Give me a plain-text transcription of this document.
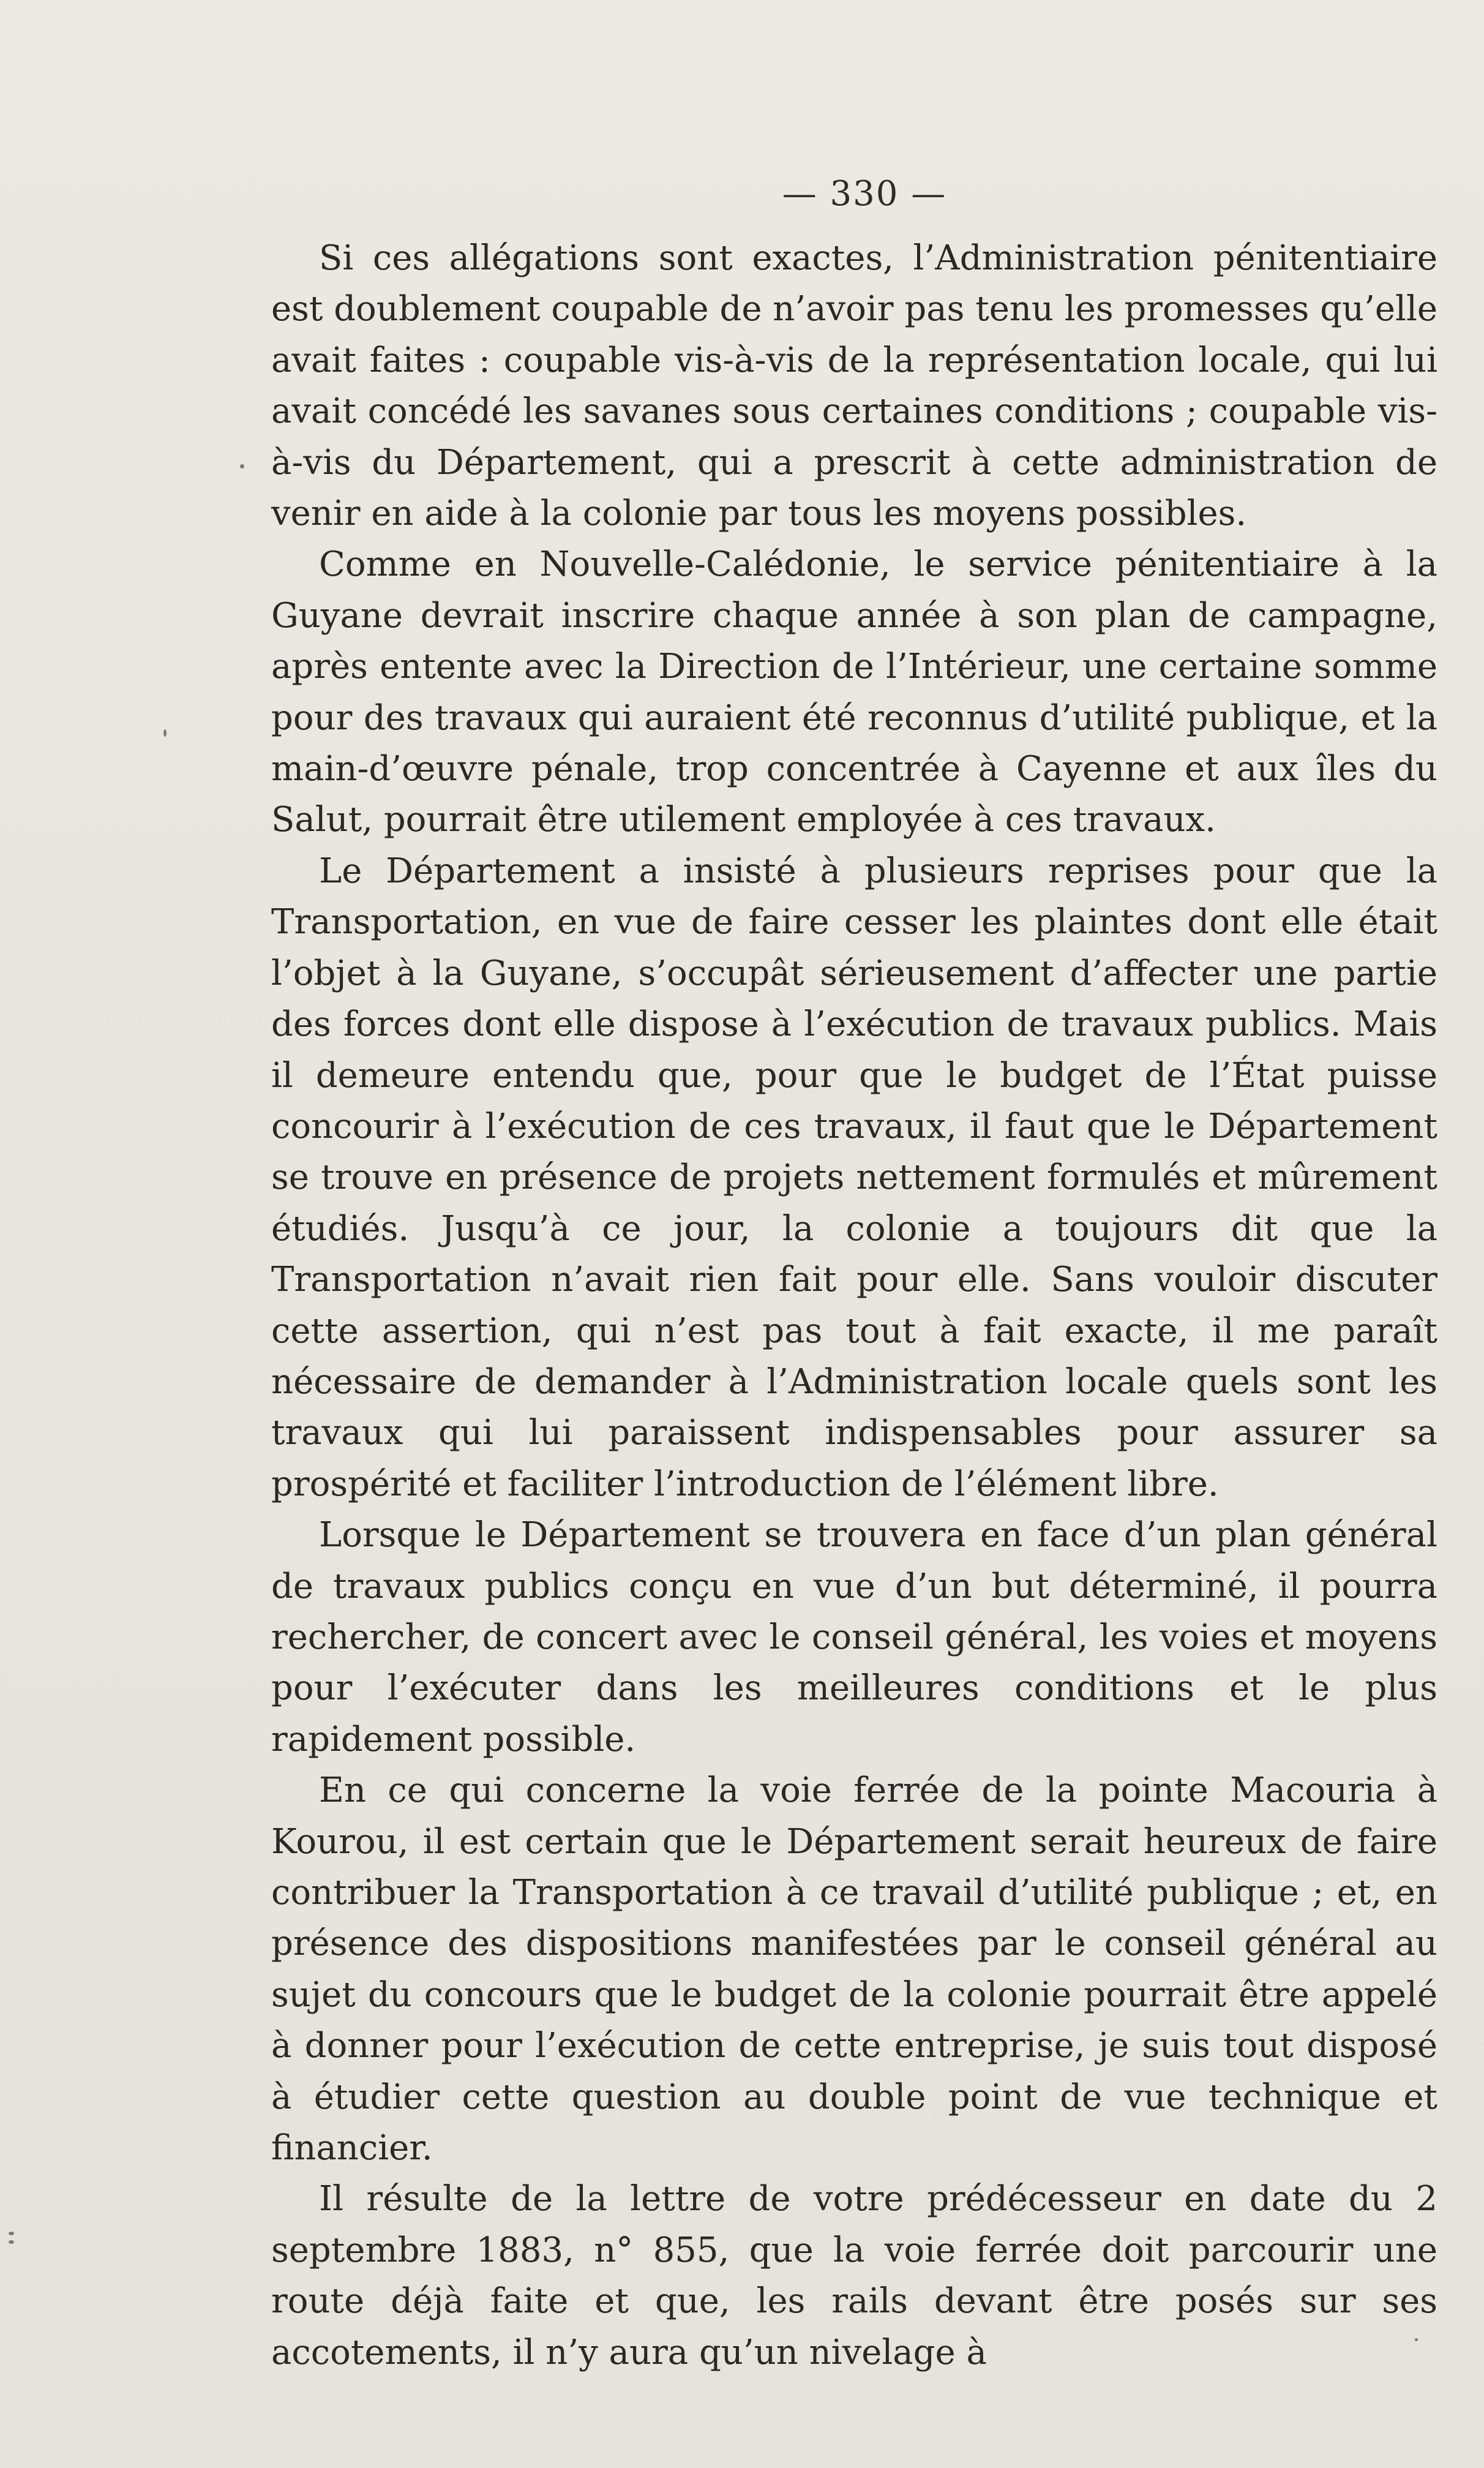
— 330 —

Si ces allégations sont exactes, l’Administration pénitentiaire est doublement coupable de n’avoir pas tenu les promesses qu’elle avait faites : coupable vis-à-vis de la représentation locale, qui lui avait concédé les savanes sous certaines conditions ; coupable vis-à-vis du Département, qui a prescrit à cette administration de venir en aide à la colonie par tous les moyens possibles.

Comme en Nouvelle-Calédonie, le service pénitentiaire à la Guyane devrait inscrire chaque année à son plan de campagne, après entente avec la Direction de l’Intérieur, une certaine somme pour des travaux qui auraient été reconnus d’utilité publique, et la main-d’œuvre pénale, trop concentrée à Cayenne et aux îles du Salut, pourrait être utilement employée à ces travaux.

Le Département a insisté à plusieurs reprises pour que la Transportation, en vue de faire cesser les plaintes dont elle était l’objet à la Guyane, s’occupât sérieusement d’affecter une partie des forces dont elle dispose à l’exécution de travaux publics. Mais il demeure entendu que, pour que le budget de l’État puisse concourir à l’exécution de ces travaux, il faut que le Département se trouve en présence de projets nettement formulés et mûrement étudiés. Jusqu’à ce jour, la colonie a toujours dit que la Transportation n’avait rien fait pour elle. Sans vouloir discuter cette assertion, qui n’est pas tout à fait exacte, il me paraît nécessaire de demander à l’Administration locale quels sont les travaux qui lui paraissent indispensables pour assurer sa prospérité et faciliter l’introduction de l’élément libre.

Lorsque le Département se trouvera en face d’un plan général de travaux publics conçu en vue d’un but déterminé, il pourra rechercher, de concert avec le conseil général, les voies et moyens pour l’exécuter dans les meilleures conditions et le plus rapidement possible.

En ce qui concerne la voie ferrée de la pointe Macouria à Kourou, il est certain que le Département serait heureux de faire contribuer la Transportation à ce travail d’utilité publique ; et, en présence des dispositions manifestées par le conseil général au sujet du concours que le budget de la colonie pourrait être appelé à donner pour l’exécution de cette entreprise, je suis tout disposé à étudier cette question au double point de vue technique et financier.

Il résulte de la lettre de votre prédécesseur en date du 2 septembre 1883, n° 855, que la voie ferrée doit parcourir une route déjà faite et que, les rails devant être posés sur ses accotements, il n’y aura qu’un nivelage à
